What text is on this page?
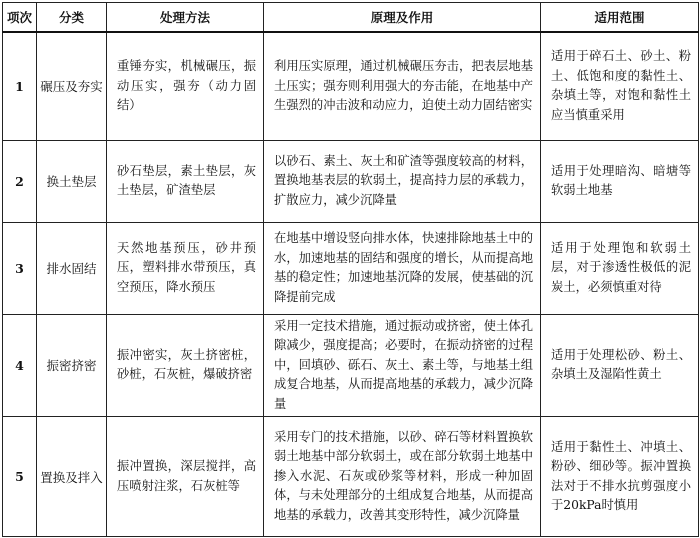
项次	分类	处理方法	原理及作用	适用范围
1	碾压及夯实	重锤夯实，机械碾压，振动压实，强夯（动力固结）	利用压实原理，通过机械碾压夯击，把表层地基土压实；强夯则利用强大的夯击能，在地基中产生强烈的冲击波和动应力，迫使土动力固结密实	适用于碎石土、砂土、粉土、低饱和度的黏性土、杂填土等，对饱和黏性土应当慎重采用
2	换土垫层	砂石垫层，素土垫层，灰土垫层，矿渣垫层	以砂石、素土、灰土和矿渣等强度较高的材料，置换地基表层的软弱土，提高持力层的承载力，扩散应力，减少沉降量	适用于处理暗沟、暗塘等软弱土地基
3	排水固结	天然地基预压，砂井预压，塑料排水带预压，真空预压，降水预压	在地基中增设竖向排水体，快速排除地基土中的水，加速地基的固结和强度的增长，从而提高地基的稳定性；加速地基沉降的发展，使基础的沉降提前完成	适用于处理饱和软弱土层，对于渗透性极低的泥炭土，必须慎重对待
4	振密挤密	振冲密实，灰土挤密桩，砂桩，石灰桩，爆破挤密	采用一定技术措施，通过振动或挤密，使土体孔隙减少，强度提高；必要时，在振动挤密的过程中，回填砂、砾石、灰土、素土等，与地基土组成复合地基，从而提高地基的承载力，减少沉降量	适用于处理松砂、粉土、杂填土及湿陷性黄土
5	置换及拌入	振冲置换，深层搅拌，高压喷射注浆，石灰桩等	采用专门的技术措施，以砂、碎石等材料置换软弱土地基中部分软弱土，或在部分软弱土地基中掺入水泥、石灰或砂浆等材料，形成一种加固体，与未处理部分的土组成复合地基，从而提高地基的承载力，改善其变形特性，减少沉降量	适用于黏性土、冲填土、粉砂、细砂等。振冲置换法对于不排水抗剪强度小于20kPa时慎用
